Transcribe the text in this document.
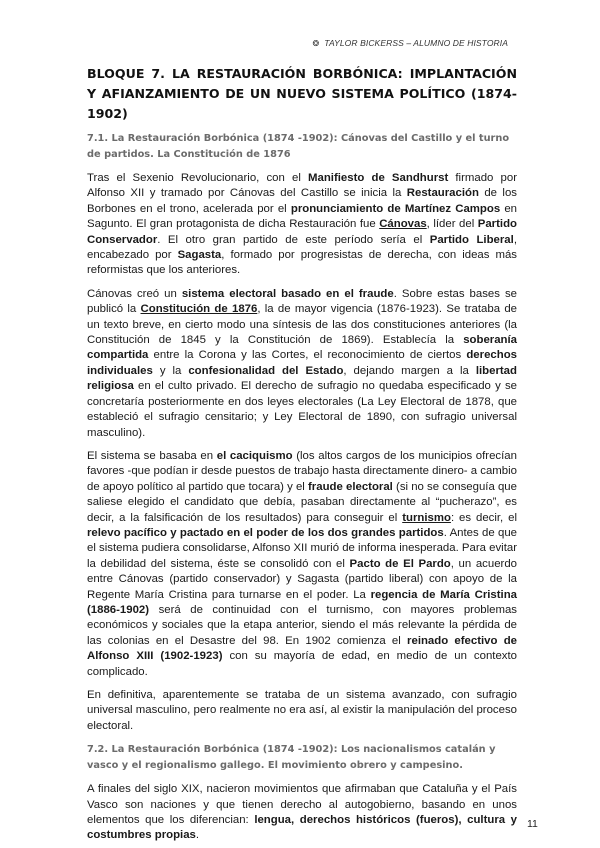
❂ TAYLOR BICKERSS – ALUMNO DE HISTORIA
BLOQUE 7. LA RESTAURACIÓN BORBÓNICA: IMPLANTACIÓN Y AFIANZAMIENTO DE UN NUEVO SISTEMA POLÍTICO (1874-1902)
7.1. La Restauración Borbónica (1874 -1902): Cánovas del Castillo y el turno de partidos. La Constitución de 1876

Tras el Sexenio Revolucionario, con el Manifiesto de Sandhurst firmado por Alfonso XII y tramado por Cánovas del Castillo se inicia la Restauración de los Borbones en el trono, acelerada por el pronunciamiento de Martínez Campos en Sagunto. El gran protagonista de dicha Restauración fue Cánovas, líder del Partido Conservador. El otro gran partido de este período sería el Partido Liberal, encabezado por Sagasta, formado por progresistas de derecha, con ideas más reformistas que los anteriores.

Cánovas creó un sistema electoral basado en el fraude. Sobre estas bases se publicó la Constitución de 1876, la de mayor vigencia (1876-1923). Se trataba de un texto breve, en cierto modo una síntesis de las dos constituciones anteriores (la Constitución de 1845 y la Constitución de 1869). Establecía la soberanía compartida entre la Corona y las Cortes, el reconocimiento de ciertos derechos individuales y la confesionalidad del Estado, dejando margen a la libertad religiosa en el culto privado. El derecho de sufragio no quedaba especificado y se concretaría posteriormente en dos leyes electorales (La Ley Electoral de 1878, que estableció el sufragio censitario; y Ley Electoral de 1890, con sufragio universal masculino).

El sistema se basaba en el caciquismo (los altos cargos de los municipios ofrecían favores -que podían ir desde puestos de trabajo hasta directamente dinero- a cambio de apoyo político al partido que tocara) y el fraude electoral (si no se conseguía que saliese elegido el candidato que debía, pasaban directamente al “pucherazo”, es decir, a la falsificación de los resultados) para conseguir el turnismo: es decir, el relevo pacífico y pactado en el poder de los dos grandes partidos. Antes de que el sistema pudiera consolidarse, Alfonso XII murió de informa inesperada. Para evitar la debilidad del sistema, éste se consolidó con el Pacto de El Pardo, un acuerdo entre Cánovas (partido conservador) y Sagasta (partido liberal) con apoyo de la Regente María Cristina para turnarse en el poder. La regencia de María Cristina (1886-1902) será de continuidad con el turnismo, con mayores problemas económicos y sociales que la etapa anterior, siendo el más relevante la pérdida de las colonias en el Desastre del 98. En 1902 comienza el reinado efectivo de Alfonso XIII (1902-1923) con su mayoría de edad, en medio de un contexto complicado.

En definitiva, aparentemente se trataba de un sistema avanzado, con sufragio universal masculino, pero realmente no era así, al existir la manipulación del proceso electoral.

7.2. La Restauración Borbónica (1874 -1902): Los nacionalismos catalán y vasco y el regionalismo gallego. El movimiento obrero y campesino.

A finales del siglo XIX, nacieron movimientos que afirmaban que Cataluña y el País Vasco son naciones y que tienen derecho al autogobierno, basando en unos elementos que los diferencian: lengua, derechos históricos (fueros), cultura y costumbres propias.

11
